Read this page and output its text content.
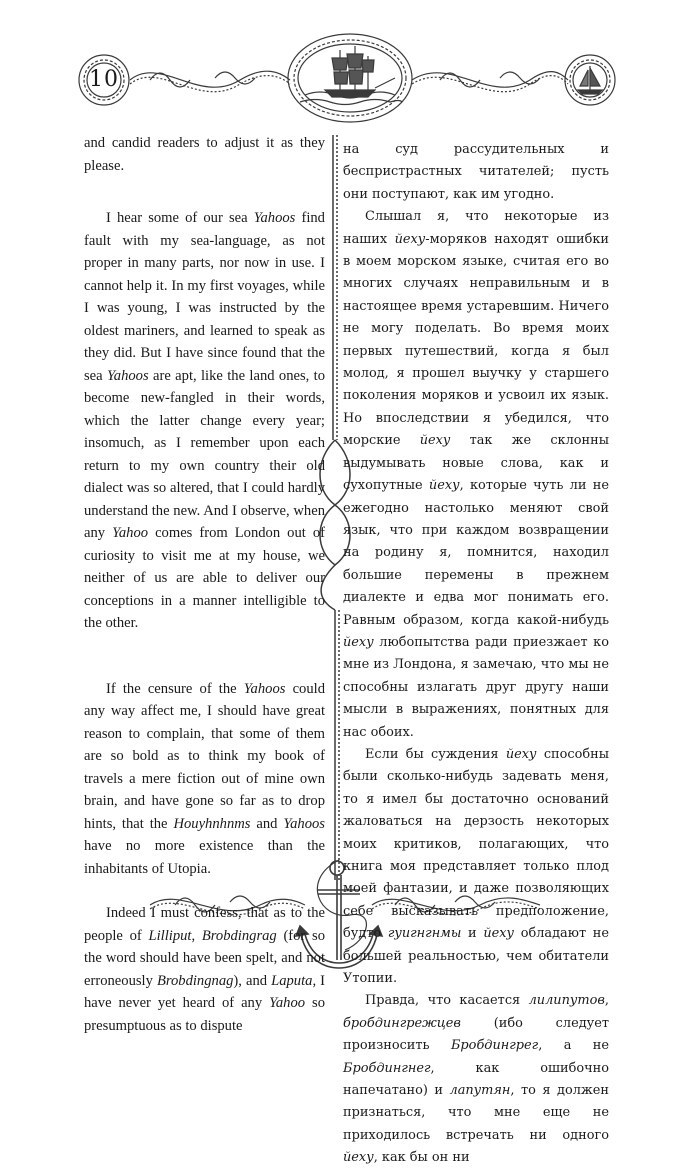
10

and candid readers to adjust it as they please.

I hear some of our sea Yahoos find fault with my sea-language, as not proper in many parts, nor now in use. I cannot help it. In my first voyages, while I was young, I was instructed by the oldest mariners, and learned to speak as they did. But I have since found that the sea Yahoos are apt, like the land ones, to become new-fangled in their words, which the latter change every year; insomuch, as I remember upon each return to my own country their old dialect was so altered, that I could hardly understand the new. And I observe, when any Yahoo comes from London out of curiosity to visit me at my house, we neither of us are able to deliver our conceptions in a manner intelligible to the other.

If the censure of the Yahoos could any way affect me, I should have great reason to complain, that some of them are so bold as to think my book of travels a mere fiction out of mine own brain, and have gone so far as to drop hints, that the Houyhnhnms and Yahoos have no more existence than the inhabitants of Utopia.

Indeed I must confess, that as to the people of Lilliput, Brobdingrag (for so the word should have been spelt, and not erroneously Brobdingnag), and Laputa, I have never yet heard of any Yahoo so presumptuous as to dispute

на суд рассудительных и беспристрастных читателей; пусть они поступают, как им угодно.

Слышал я, что некоторые из наших йеху-моряков находят ошибки в моем морском языке, считая его во многих случаях неправильным и в настоящее время устаревшим. Ничего не могу поделать. Во время моих первых путешествий, когда я был молод, я прошел выучку у старшего поколения моряков и усвоил их язык. Но впоследствии я убедился, что морские йеху так же склонны выдумывать новые слова, как и сухопутные йеху, которые чуть ли не ежегодно настолько меняют свой язык, что при каждом возвращении на родину я, помнится, находил большие перемены в прежнем диалекте и едва мог понимать его. Равным образом, когда какой-нибудь йеху любопытства ради приезжает ко мне из Лондона, я замечаю, что мы не способны излагать друг другу наши мысли в выражениях, понятных для нас обоих.

Если бы суждения йеху способны были сколько-нибудь задевать меня, то я имел бы достаточно оснований жаловаться на дерзость некоторых моих критиков, полагающих, что книга моя представляет только плод моей фантазии, и даже позволяющих себе высказывать предположение, будто гуигнгнмы и йеху обладают не большей реальностью, чем обитатели Утопии.

Правда, что касается лилипутов, бробдингрежцев (ибо следует произносить Бробдингрег, а не Бробдингнег, как ошибочно напечатано) и лапутян, то я должен признаться, что мне еще не приходилось встречать ни одного йеху, как бы он ни
